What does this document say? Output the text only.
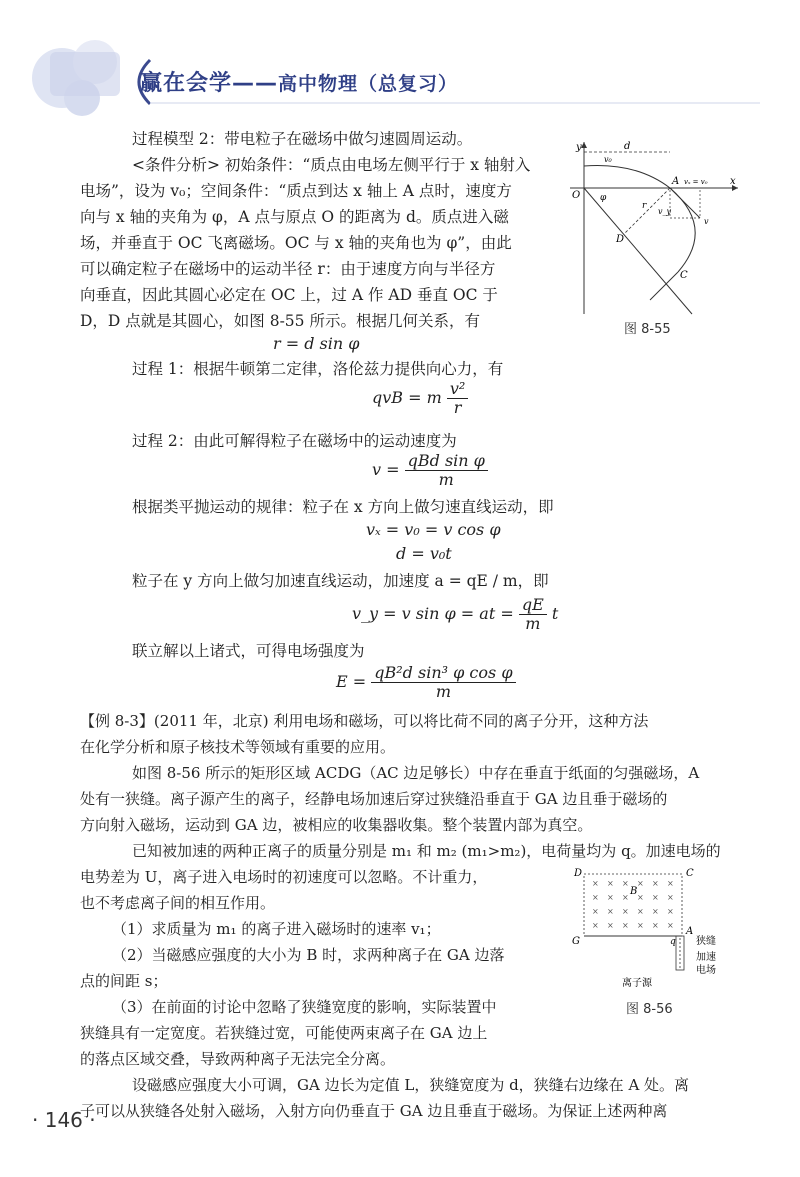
赢在会学——高中物理（总复习）
过程模型 2：带电粒子在磁场中做匀速圆周运动。
<条件分析> 初始条件：“质点由电场左侧平行于 x 轴射入
电场”，设为 v₀；空间条件：“质点到达 x 轴上 A 点时，速度方
向与 x 轴的夹角为 φ，A 点与原点 O 的距离为 d。质点进入磁
场，并垂直于 OC 飞离磁场。OC 与 x 轴的夹角也为 φ”，由此
可以确定粒子在磁场中的运动半径 r：由于速度方向与半径方
向垂直，因此其圆心必定在 OC 上，过 A 作 AD 垂直 OC 于
D，D 点就是其圆心，如图 8-55 所示。根据几何关系，有
r = d sin φ
过程 1：根据牛顿第二定律，洛伦兹力提供向心力，有
qvB = m $\frac{\text{v²}}{r}$
过程 2：由此可解得粒子在磁场中的运动速度为
$v = \frac{\text{qBd sin φ}}{m}$
根据类平抛运动的规律：粒子在 x 方向上做匀速直线运动，即
vₓ = v₀ = v cos φ
d = v₀t
粒子在 y 方向上做匀加速直线运动，加速度 a = qE / m，即
v_y = v sin φ = at = $\frac{qE}{m}$ t
联立解以上诸式，可得电场强度为
$E = \frac{\text{qB²d sin³ φ cos φ}}{m}$
【例 8-3】(2011 年，北京) 利用电场和磁场，可以将比荷不同的离子分开，这种方法
在化学分析和原子核技术等领域有重要的应用。
如图 8-56 所示的矩形区域 ACDG（AC 边足够长）中存在垂直于纸面的匀强磁场，A
处有一狭缝。离子源产生的离子，经静电场加速后穿过狭缝沿垂直于 GA 边且垂于磁场的
方向射入磁场，运动到 GA 边，被相应的收集器收集。整个装置内部为真空。
已知被加速的两种正离子的质量分别是 m₁ 和 m₂ (m₁>m₂)，电荷量均为 q。加速电场的
电势差为 U，离子进入电场时的初速度可以忽略。不计重力，
也不考虑离子间的相互作用。
（1）求质量为 m₁ 的离子进入磁场时的速率 v₁；
（2）当磁感应强度的大小为 B 时，求两种离子在 GA 边落
点的间距 s；
（3）在前面的讨论中忽略了狭缝宽度的影响，实际装置中
狭缝具有一定宽度。若狭缝过宽，可能使两束离子在 GA 边上
的落点区域交叠，导致两种离子无法完全分离。
设磁感应强度大小可调，GA 边长为定值 L，狭缝宽度为 d，狭缝右边缘在 A 处。离
子可以从狭缝各处射入磁场，入射方向仍垂直于 GA 边且垂直于磁场。为保证上述两种离
y
x
O
A
D
C
d
v₀
vₓ = v₀
v_y
v
r
φ
图 8-55
× × × × × ×
× × × × × ×
× × × × × ×
× × × × × ×
D	C
B
G
A
q 狭缝
加速
电场
离子源
图 8-56
· 146 ·
